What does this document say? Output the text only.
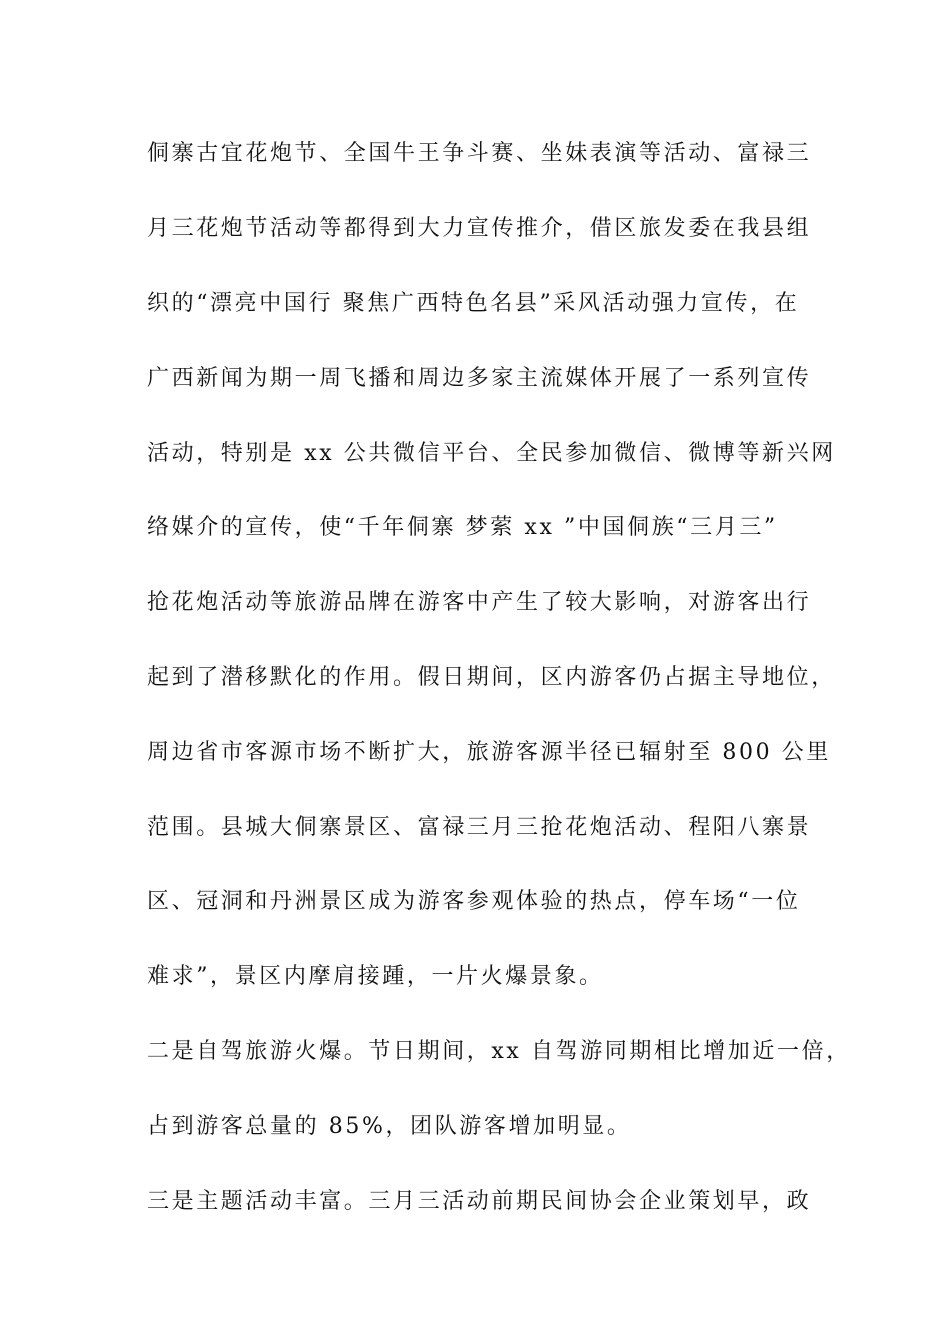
侗寨古宜花炮节、全国牛王争斗赛、坐妹表演等活动、富禄三
月三花炮节活动等都得到大力宣传推介，借区旅发委在我县组
织的“漂亮中国行 聚焦广西特色名县”采风活动强力宣传，在
广西新闻为期一周飞播和周边多家主流媒体开展了一系列宣传
活动，特别是 xx 公共微信平台、全民参加微信、微博等新兴网
络媒介的宣传，使“千年侗寨 梦萦 xx ”中国侗族“三月三”
抢花炮活动等旅游品牌在游客中产生了较大影响，对游客出行
起到了潜移默化的作用。假日期间，区内游客仍占据主导地位，
周边省市客源市场不断扩大，旅游客源半径已辐射至 800 公里
范围。县城大侗寨景区、富禄三月三抢花炮活动、程阳八寨景
区、冠洞和丹洲景区成为游客参观体验的热点，停车场“一位
难求”，景区内摩肩接踵，一片火爆景象。
二是自驾旅游火爆。节日期间，xx 自驾游同期相比增加近一倍，
占到游客总量的 85%，团队游客增加明显。
三是主题活动丰富。三月三活动前期民间协会企业策划早，政
